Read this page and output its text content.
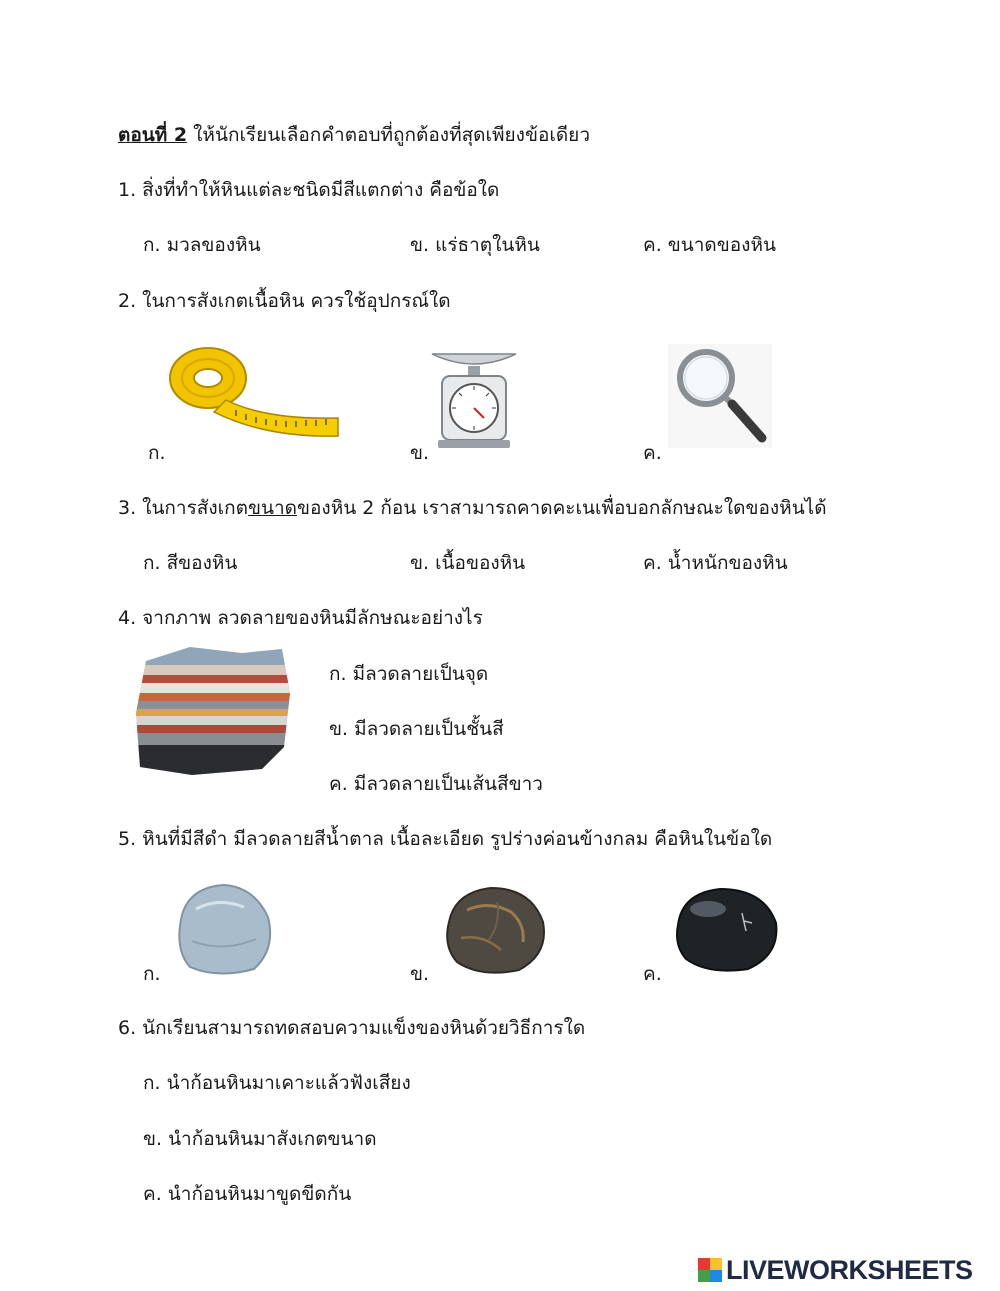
ตอนที่ 2 ให้นักเรียนเลือกคำตอบที่ถูกต้องที่สุดเพียงข้อเดียว
1. สิ่งที่ทำให้หินแต่ละชนิดมีสีแตกต่าง คือข้อใด
ก. มวลของหิน	ข. แร่ธาตุในหิน	ค. ขนาดของหิน
2. ในการสังเกตเนื้อหิน ควรใช้อุปกรณ์ใด
ก.	ข.	ค.
3. ในการสังเกตขนาดของหิน 2 ก้อน เราสามารถคาดคะเนเพื่อบอกลักษณะใดของหินได้
ก. สีของหิน	ข. เนื้อของหิน	ค. น้ำหนักของหิน
4. จากภาพ ลวดลายของหินมีลักษณะอย่างไร
ก. มีลวดลายเป็นจุด
ข. มีลวดลายเป็นชั้นสี
ค. มีลวดลายเป็นเส้นสีขาว
5. หินที่มีสีดำ มีลวดลายสีน้ำตาล เนื้อละเอียด รูปร่างค่อนข้างกลม คือหินในข้อใด
ก.	ข.	ค.
6. นักเรียนสามารถทดสอบความแข็งของหินด้วยวิธีการใด
ก. นำก้อนหินมาเคาะแล้วฟังเสียง
ข. นำก้อนหินมาสังเกตขนาด
ค. นำก้อนหินมาขูดขีดกัน
LIVEWORKSHEETS
